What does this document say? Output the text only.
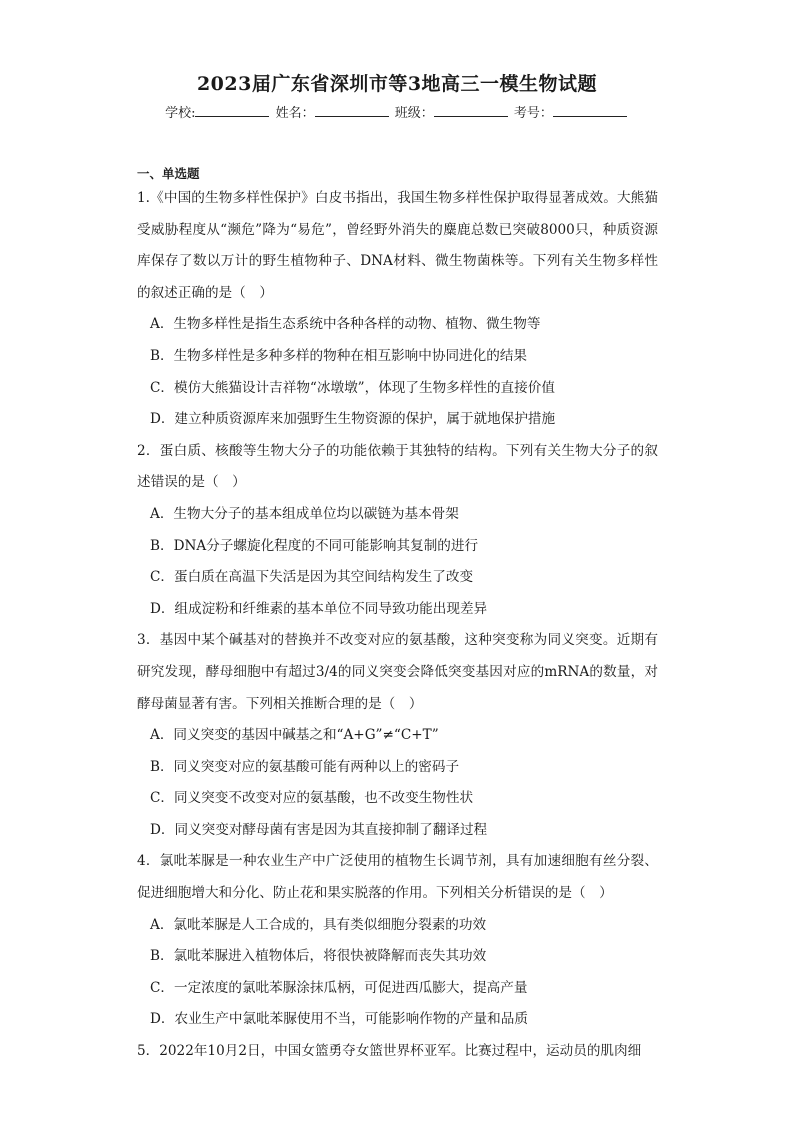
2023届广东省深圳市等3地高三一模生物试题
学校:	姓名：	班级：	考号：
一、单选题

1.《中国的生物多样性保护》白皮书指出，我国生物多样性保护取得显著成效。大熊猫受威胁程度从“濒危”降为“易危”，曾经野外消失的麋鹿总数已突破8000只，种质资源库保存了数以万计的野生植物种子、DNA材料、微生物菌株等。下列有关生物多样性的叙述正确的是（　）

A．生物多样性是指生态系统中各种各样的动物、植物、微生物等

B．生物多样性是多种多样的物种在相互影响中协同进化的结果

C．模仿大熊猫设计吉祥物“冰墩墩”，体现了生物多样性的直接价值

D．建立种质资源库来加强野生生物资源的保护，属于就地保护措施

2．蛋白质、核酸等生物大分子的功能依赖于其独特的结构。下列有关生物大分子的叙述错误的是（　）

A．生物大分子的基本组成单位均以碳链为基本骨架

B．DNA分子螺旋化程度的不同可能影响其复制的进行

C．蛋白质在高温下失活是因为其空间结构发生了改变

D．组成淀粉和纤维素的基本单位不同导致功能出现差异

3．基因中某个碱基对的替换并不改变对应的氨基酸，这种突变称为同义突变。近期有研究发现，酵母细胞中有超过3/4的同义突变会降低突变基因对应的mRNA的数量，对酵母菌显著有害。下列相关推断合理的是（　）

A．同义突变的基因中碱基之和“A+G”≠“C+T”

B．同义突变对应的氨基酸可能有两种以上的密码子

C．同义突变不改变对应的氨基酸，也不改变生物性状

D．同义突变对酵母菌有害是因为其直接抑制了翻译过程

4．氯吡苯脲是一种农业生产中广泛使用的植物生长调节剂，具有加速细胞有丝分裂、促进细胞增大和分化、防止花和果实脱落的作用。下列相关分析错误的是（　）

A．氯吡苯脲是人工合成的，具有类似细胞分裂素的功效

B．氯吡苯脲进入植物体后，将很快被降解而丧失其功效

C．一定浓度的氯吡苯脲涂抹瓜柄，可促进西瓜膨大，提高产量

D．农业生产中氯吡苯脲使用不当，可能影响作物的产量和品质

5．2022年10月2日，中国女篮勇夺女篮世界杯亚军。比赛过程中，运动员的肌肉细
